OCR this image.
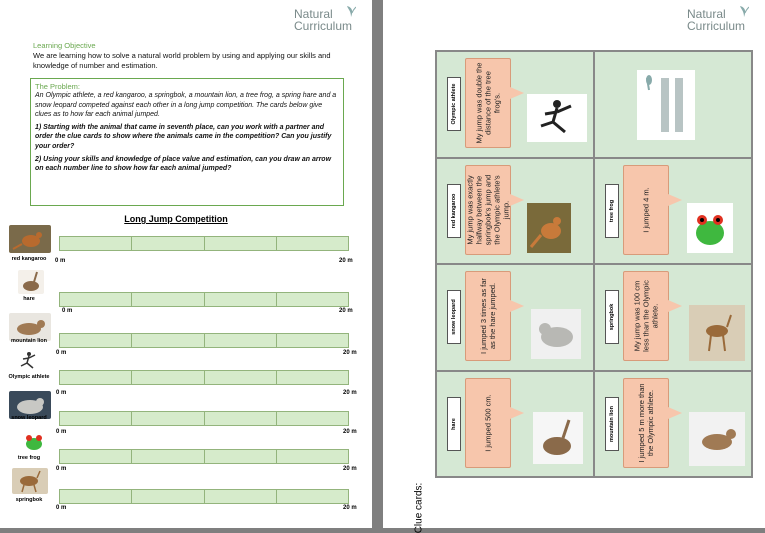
Natural
Curriculum
Learning Objective
We are learning how to solve a natural world problem by using and applying our skills and knowledge of number and estimation.
The Problem:

An Olympic athlete, a red kangaroo, a springbok, a mountain lion, a tree frog, a spring hare and a snow leopard competed against each other in a long jump competition. The cards below give clues as to how far each animal jumped.

1) Starting with the animal that came in seventh place, can you work with a partner and order the clue cards to show where the animals came in the competition? Can you justify your order?

2) Using your skills and knowledge of place value and estimation, can you draw an arrow on each number line to show how far each animal jumped?

Long Jump Competition
red kangaroo	0 m	20 m
hare
0 m	20 m
mountain lion
0 m	20 m
Olympic athlete
0 m	20 m
snow leopard
0 m	20 m
tree frog
0 m	20 m
springbok
0 m	20 m
Natural
Curriculum
Olympic athlete My jump was double the distance of the tree frog's.
red kangaroo My jump was exactly halfway between the springbok's jump and the Olympic athlete's jump.	tree frog	I jumped 4 m.
snow leopard	I jumped 3 times as far as the hare jumped.	springbok My jump was 100 cm less than the Olympic athlete.
hare	I jumped 500 cm.	mountain lion	I jumped 5 m more than the Olympic athlete.
Clue cards:
